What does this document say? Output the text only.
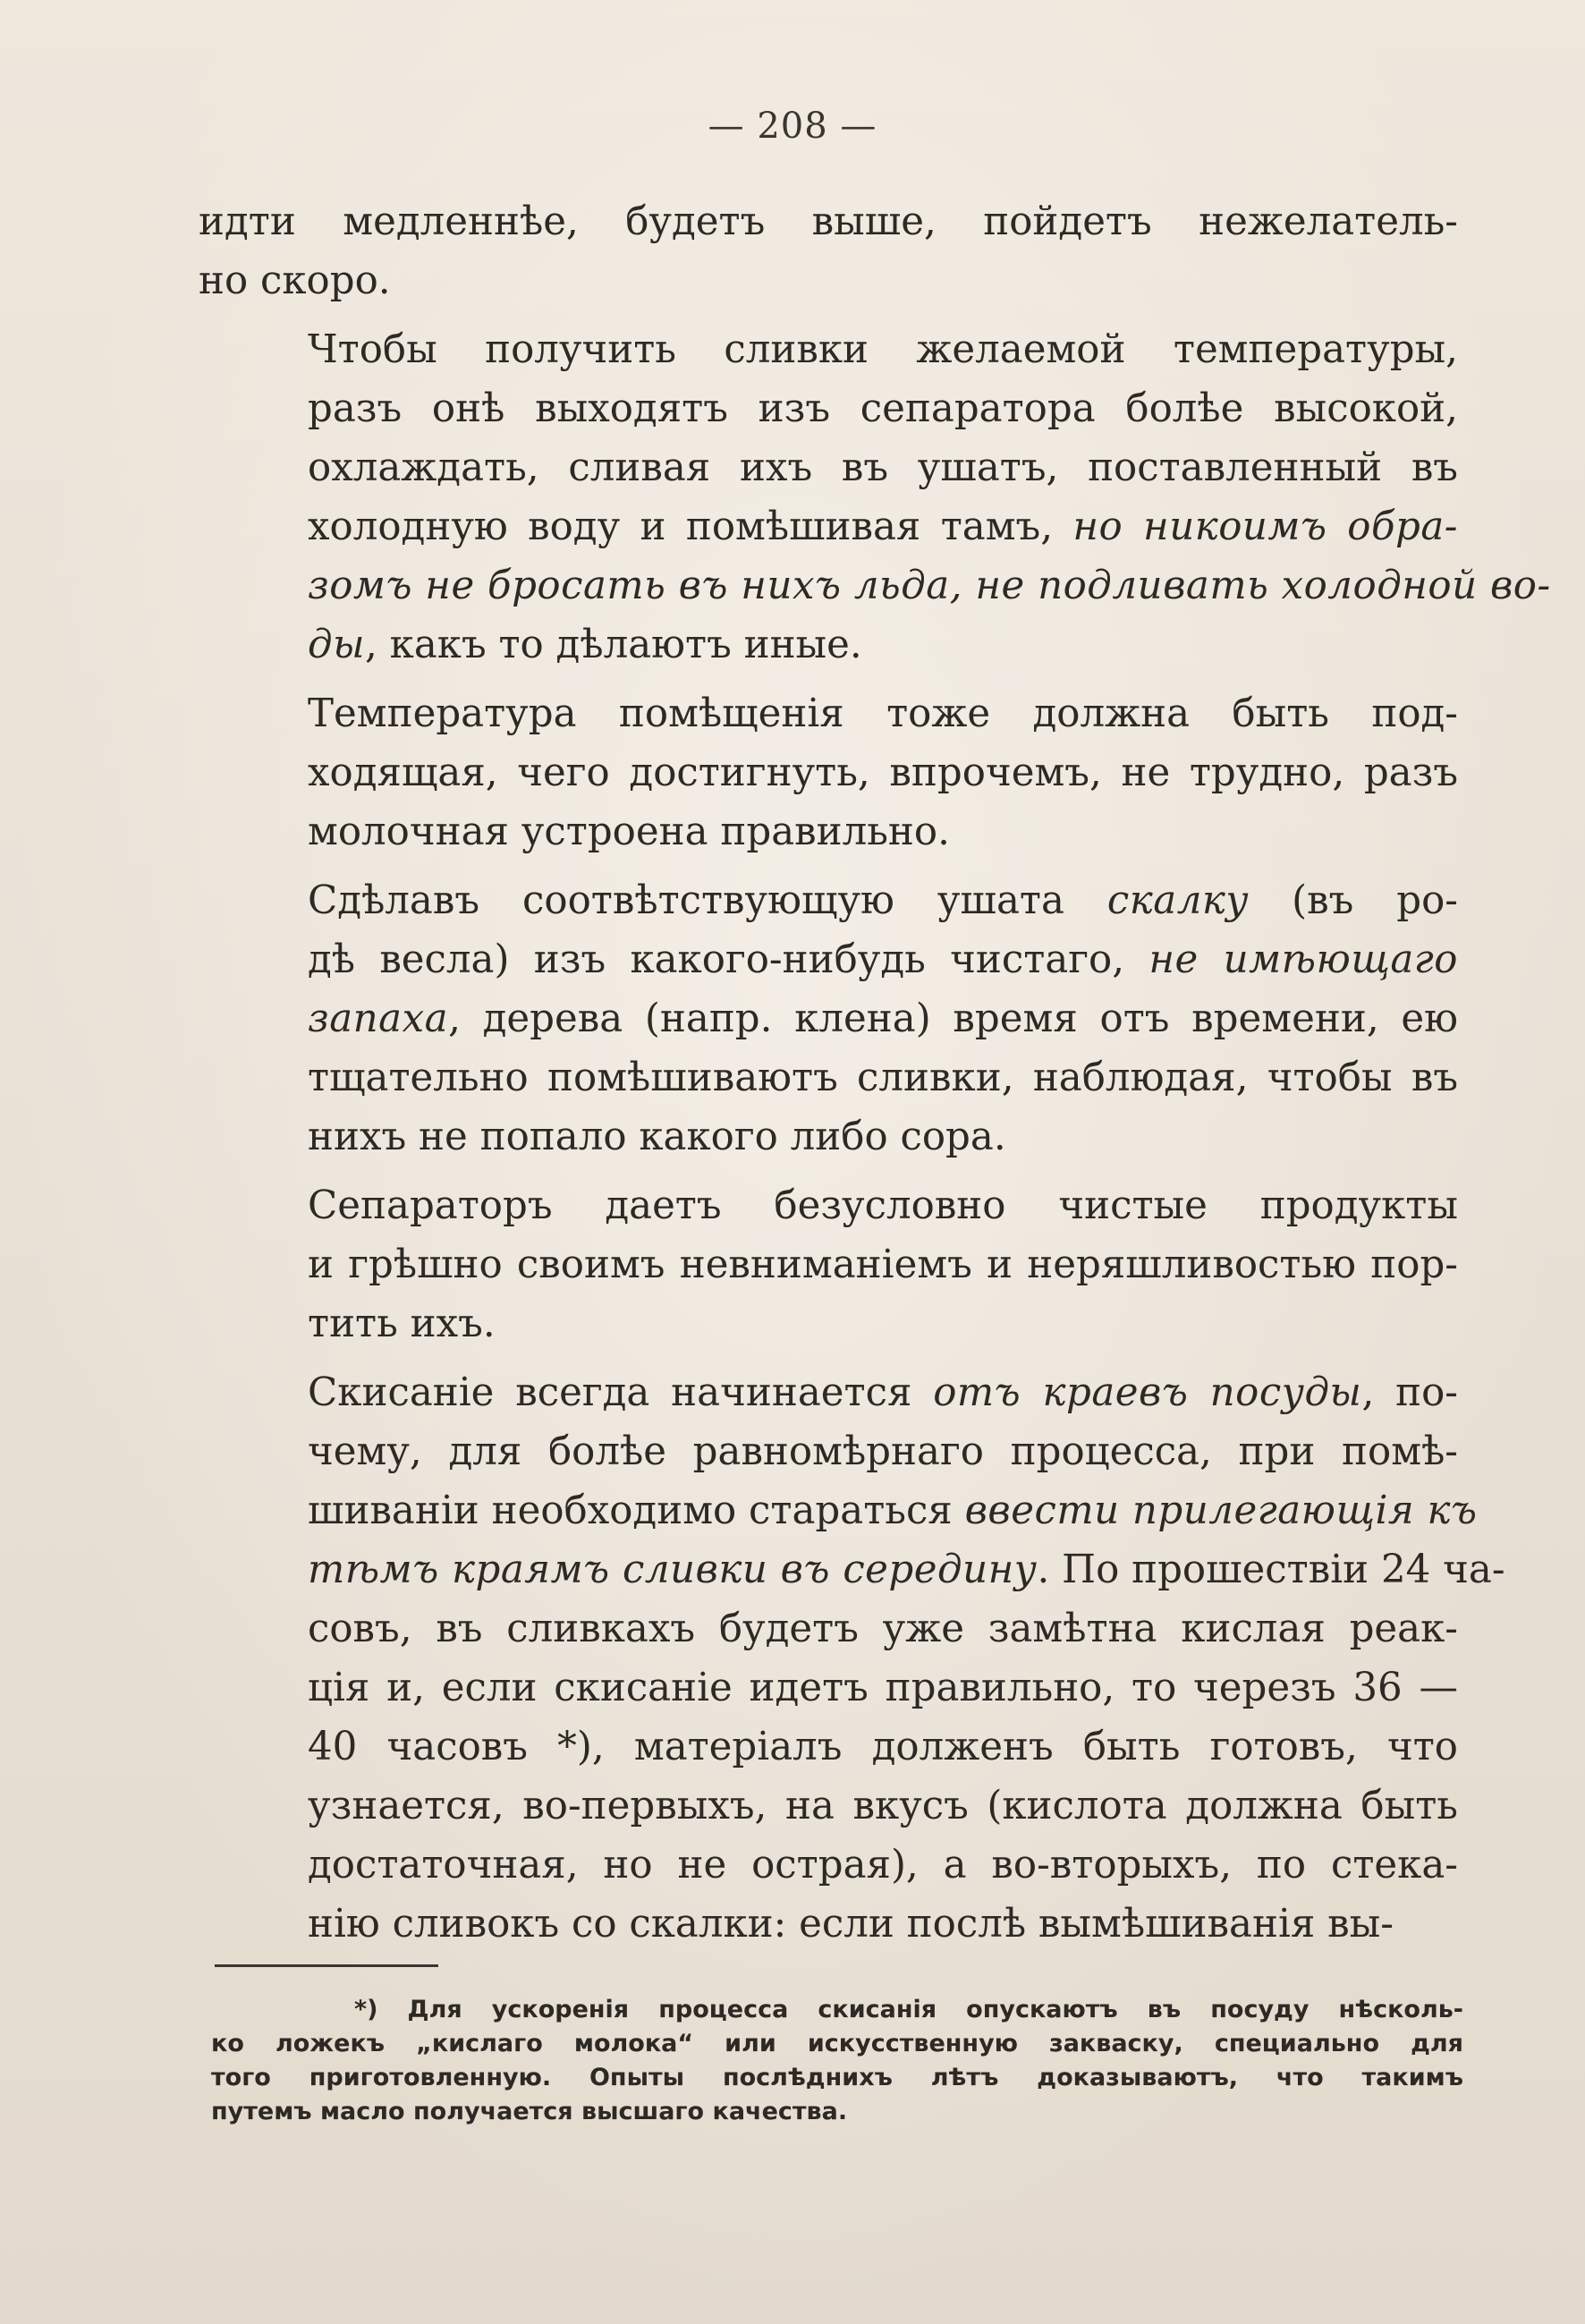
— 208 —
идти медленнѣе, будетъ выше, пойдетъ нежелатель-
но скоро.
Чтобы получить сливки желаемой температуры,
разъ онѣ выходятъ изъ сепаратора болѣе высокой,
охлаждать, сливая ихъ въ ушатъ, поставленный въ
холодную воду и помѣшивая тамъ, но никоимъ обра-
зомъ не бросать въ нихъ льда, не подливать холодной во-
ды, какъ то дѣлаютъ иные.
Температура помѣщенія тоже должна быть под-
ходящая, чего достигнуть, впрочемъ, не трудно, разъ
молочная устроена правильно.
Сдѣлавъ соотвѣтствующую ушата скалку (въ ро-
дѣ весла) изъ какого-нибудь чистаго, не имѣющаго
запаха, дерева (напр. клена) время отъ времени, ею
тщательно помѣшиваютъ сливки, наблюдая, чтобы въ
нихъ не попало какого либо сора.
Сепараторъ даетъ безусловно чистые продукты
и грѣшно своимъ невниманіемъ и неряшливостью пор-
тить ихъ.
Скисаніе всегда начинается отъ краевъ посуды, по-
чему, для болѣе равномѣрнаго процесса, при помѣ-
шиваніи необходимо стараться ввести прилегающія къ
тѣмъ краямъ сливки въ середину. По прошествіи 24 ча-
совъ, въ сливкахъ будетъ уже замѣтна кислая реак-
ція и, если скисаніе идетъ правильно, то черезъ 36 —
40 часовъ *), матеріалъ долженъ быть готовъ, что
узнается, во-первыхъ, на вкусъ (кислота должна быть
достаточная, но не острая), а во-вторыхъ, по стека-
нію сливокъ со скалки: если послѣ вымѣшиванія вы-
*) Для ускоренія процесса скисанія опускаютъ въ посуду нѣсколь-
ко ложекъ „кислаго молока“ или искусственную закваску, специально для
того приготовленную. Опыты послѣднихъ лѣтъ доказываютъ, что такимъ
путемъ масло получается высшаго качества.
